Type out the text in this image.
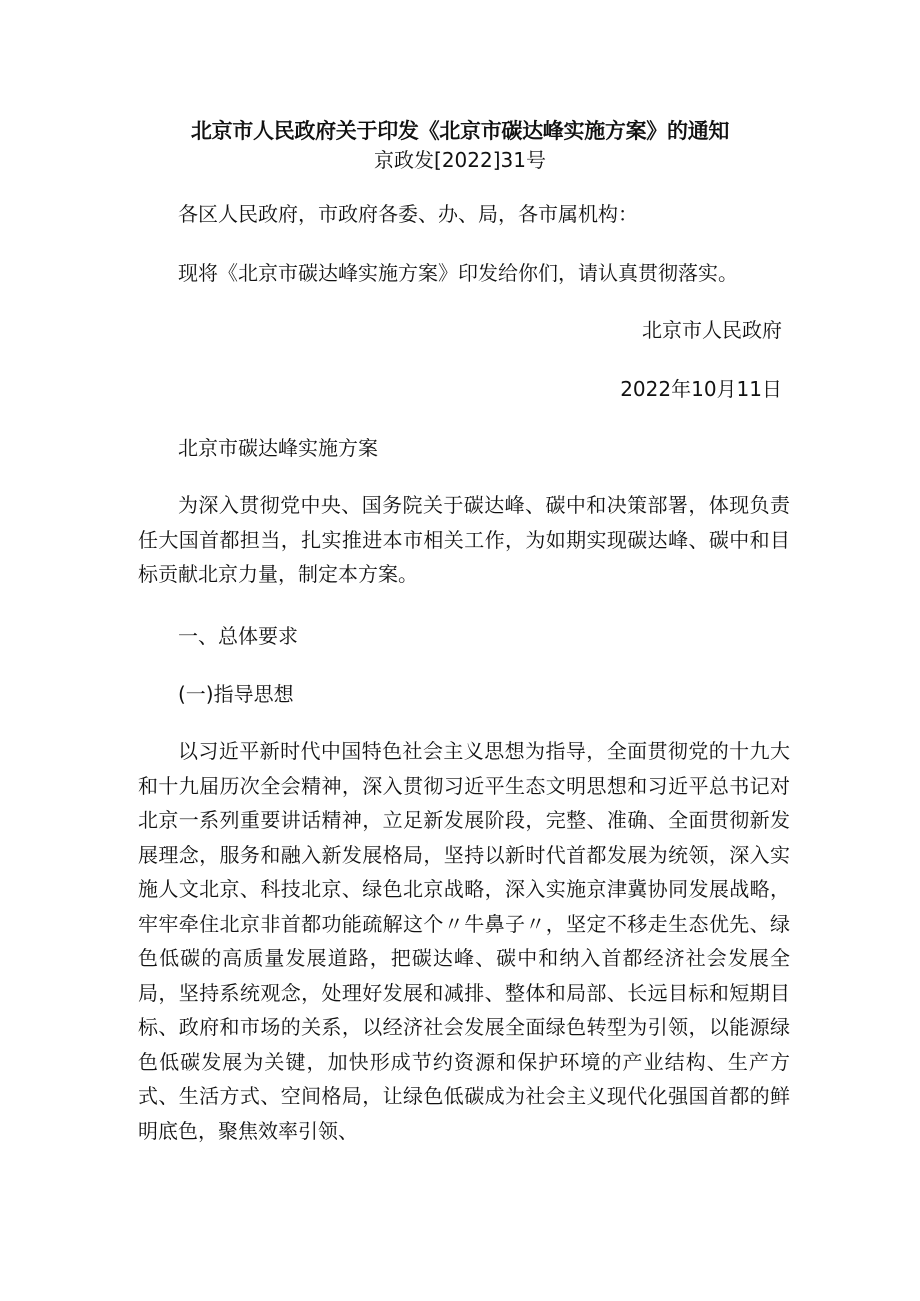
北京市人民政府关于印发《北京市碳达峰实施方案》的通知
京政发[2022]31号
各区人民政府，市政府各委、办、局，各市属机构：
现将《北京市碳达峰实施方案》印发给你们，请认真贯彻落实。
北京市人民政府
2022年10月11日
北京市碳达峰实施方案
为深入贯彻党中央、国务院关于碳达峰、碳中和决策部署，体现负责任大国首都担当，扎实推进本市相关工作，为如期实现碳达峰、碳中和目标贡献北京力量，制定本方案。
一、总体要求
(一)指导思想
以习近平新时代中国特色社会主义思想为指导，全面贯彻党的十九大和十九届历次全会精神，深入贯彻习近平生态文明思想和习近平总书记对北京一系列重要讲话精神，立足新发展阶段，完整、准确、全面贯彻新发展理念，服务和融入新发展格局，坚持以新时代首都发展为统领，深入实施人文北京、科技北京、绿色北京战略，深入实施京津冀协同发展战略，牢牢牵住北京非首都功能疏解这个〃牛鼻子〃，坚定不移走生态优先、绿色低碳的高质量发展道路，把碳达峰、碳中和纳入首都经济社会发展全局，坚持系统观念，处理好发展和减排、整体和局部、长远目标和短期目标、政府和市场的关系，以经济社会发展全面绿色转型为引领，以能源绿色低碳发展为关键，加快形成节约资源和保护环境的产业结构、生产方式、生活方式、空间格局，让绿色低碳成为社会主义现代化强国首都的鲜明底色，聚焦效率引领、
